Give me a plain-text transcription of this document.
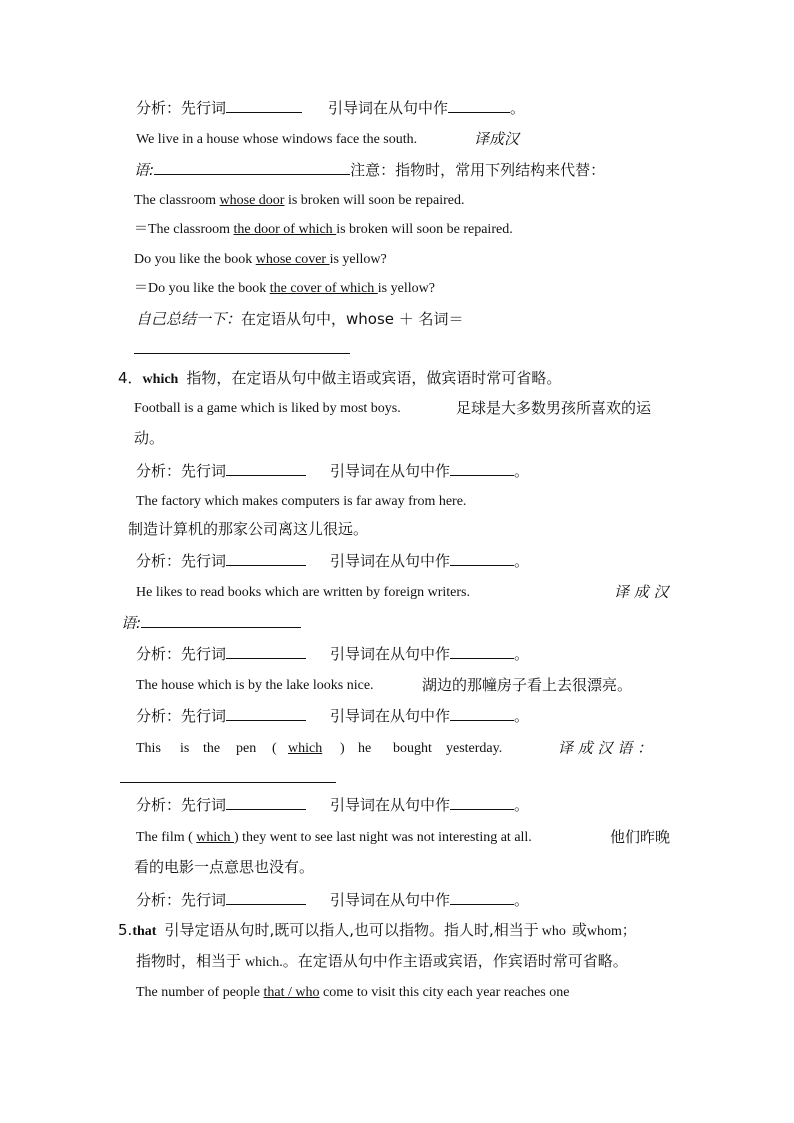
分析：先行词	引导词在从句中作	。
We live in a house whose windows face the south.	译成汉
语:	注意：指物时，常用下列结构来代替：
The classroom whose door is broken will soon be repaired.
＝The classroom the door of which is broken will soon be repaired.
Do you like the book whose cover is yellow?
＝Do you like the book the cover of which is yellow?
自己总结一下：在定语从句中，whose ＋ 名词＝
4．which 指物，在定语从句中做主语或宾语，做宾语时常可省略。
Football is a game which is liked by most boys.	足球是大多数男孩所喜欢的运
动。
分析：先行词	引导词在从句中作	。
The factory which makes computers is far away from here.
制造计算机的那家公司离这儿很远。
分析：先行词	引导词在从句中作	。
He likes to read books which are written by foreign writers.	译 成 汉
语:
分析：先行词	引导词在从句中作	。
The house which is by the lake looks nice.	湖边的那幢房子看上去很漂亮。
分析：先行词	引导词在从句中作	。
This is the pen ( which ) he bought yesterday.	译 成 汉 语 ：
分析：先行词	引导词在从句中作	。
The film ( which ) they went to see last night was not interesting at all.	他们昨晚
看的电影一点意思也没有。
分析：先行词	引导词在从句中作	。
5.that 引导定语从句时,既可以指人,也可以指物。指人时,相当于 who 或whom；
指物时，相当于 which.。在定语从句中作主语或宾语，作宾语时常可省略。
The number of people that / who come to visit this city each year reaches one
